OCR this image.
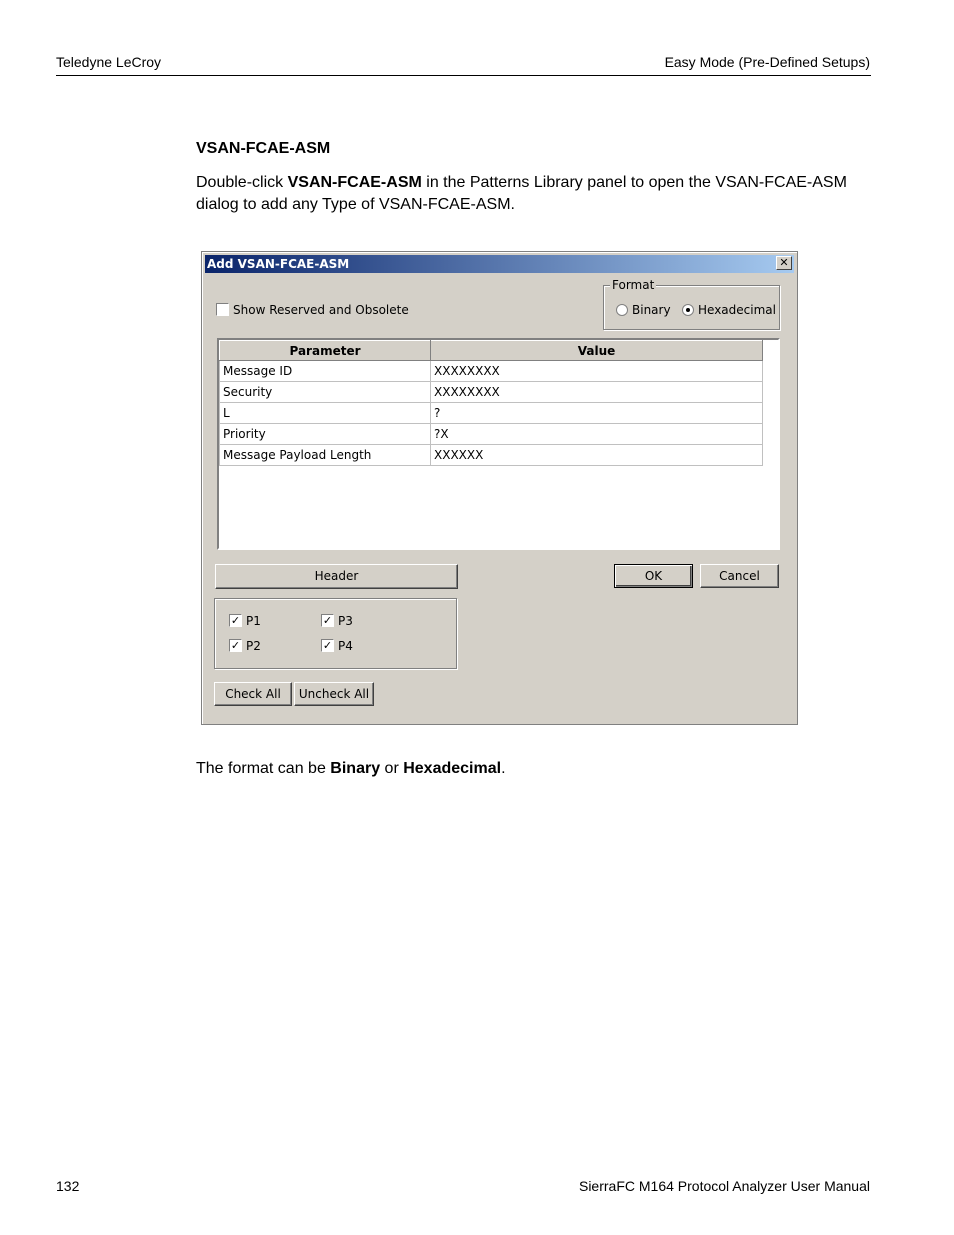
Teledyne LeCroy	Easy Mode (Pre-Defined Setups)
VSAN-FCAE-ASM
Double-click VSAN-FCAE-ASM in the Patterns Library panel to open the VSAN-FCAE-ASM dialog to add any Type of VSAN-FCAE-ASM.
Add VSAN-FCAE-ASM	✕
Show Reserved and Obsolete
Format
Binary	Hexadecimal
Parameter	Value
Message ID	XXXXXXXX
Security	XXXXXXXX
L	?
Priority	?X
Message Payload Length	XXXXXX
Header	OK	Cancel
✓ P1
✓ P2
✓ P3
✓ P4
Check All	Uncheck All
The format can be Binary or Hexadecimal.
132	SierraFC M164 Protocol Analyzer User Manual
